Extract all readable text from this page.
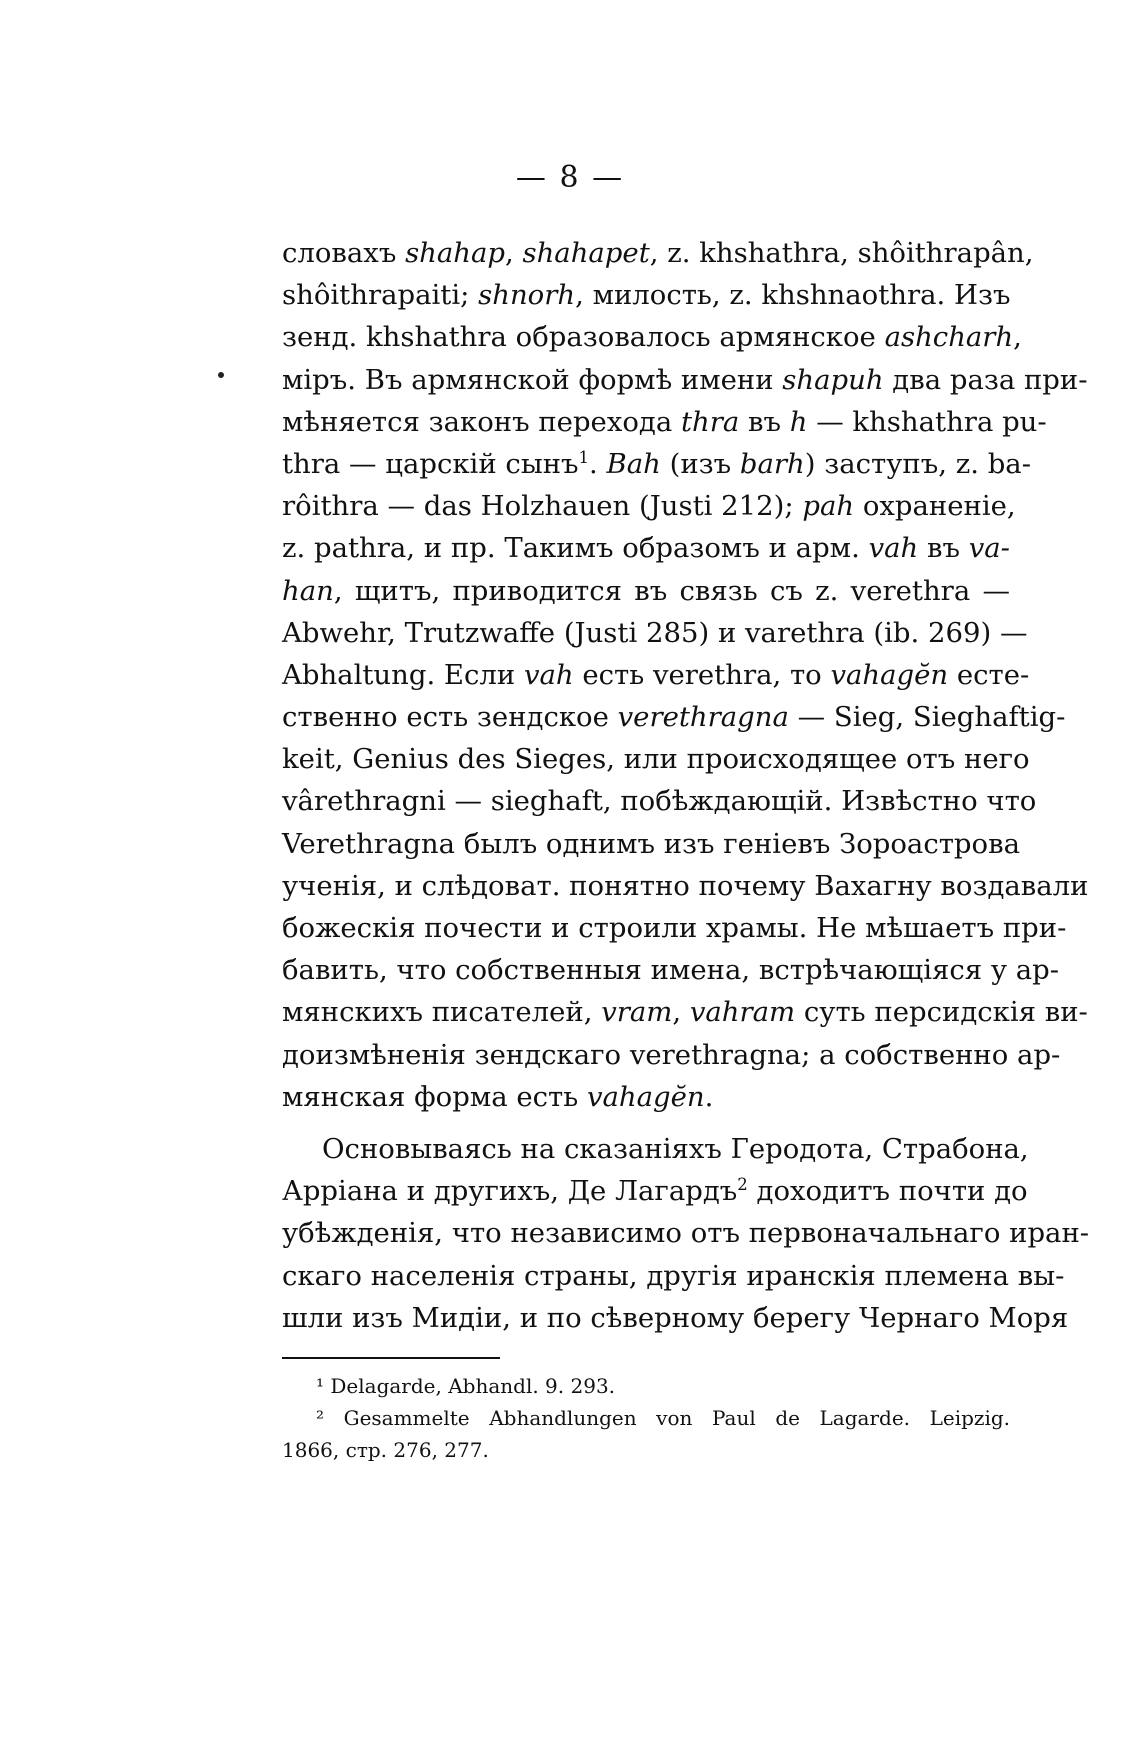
— 8 —
словахъ shahap, shahapet, z. khshathra, shôithrapân,
shôithrapaiti; shnorh, милость, z. khshnaothra. Изъ
зенд. khshathra образовалось армянское ashcharh,
міръ. Въ армянской формѣ имени shapuh два раза при-
мѣняется законъ перехода thra въ h — khshathra pu-
thra — царскій сынъ$^1$. Bah (изъ barh) заступъ, z. ba-
rôithra — das Holzhauen (Justi 212); pah охраненіе,
z. pathra, и пр. Такимъ образомъ и арм. vah въ va-
han, щитъ, приводится въ связь съ z. verethra —
Abwehr, Trutzwaffe (Justi 285) и varethra (ib. 269) —
Abhaltung. Если vah есть verethra, то vahagĕn есте-
ственно есть зендское verethragna — Sieg, Sieghaftig-
keit, Genius des Sieges, или происходящее отъ него
vârethragni — sieghaft, побѣждающій. Извѣстно что
Verethragna былъ однимъ изъ геніевъ Зороастрова
ученія, и слѣдоват. понятно почему Вахагну воздавали
божескія почести и строили храмы. Не мѣшаетъ при-
бавить, что собственныя имена, встрѣчающіяся у ар-
мянскихъ писателей, vram, vahram суть персидскія ви-
доизмѣненія зендскаго verethragna; а собственно ар-
мянская форма есть vahagĕn.
Основываясь на сказаніяхъ Геродота, Страбона,
Арріана и другихъ, Де Лагардъ$^2$ доходитъ почти до
убѣжденія, что независимо отъ первоначальнаго иран-
скаго населенія страны, другія иранскія племена вы-
шли изъ Мидіи, и по сѣверному берегу Чернаго Моря
¹ Delagarde, Abhandl. 9. 293.
² Gesammelte Abhandlungen von Paul de Lagarde. Leipzig.
1866, стр. 276, 277.
